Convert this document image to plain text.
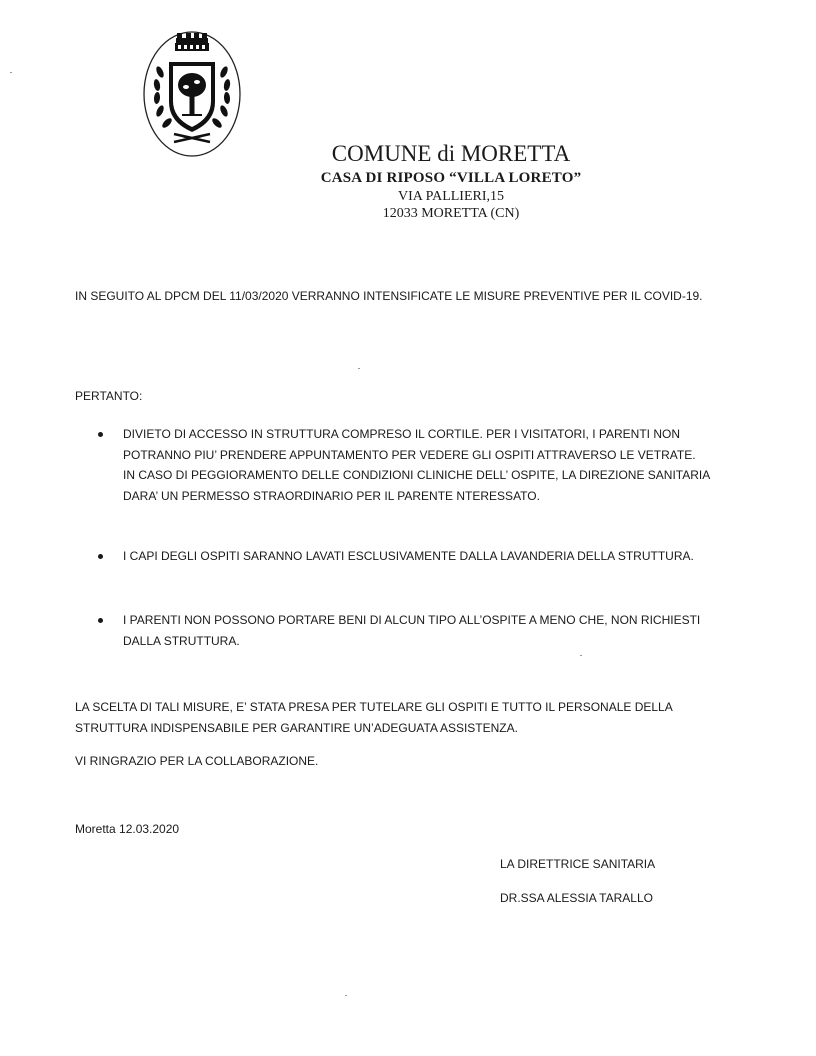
COMUNE di MORETTA
CASA DI RIPOSO “VILLA LORETO”
VIA PALLIERI,15
12033 MORETTA (CN)
IN SEGUITO AL DPCM DEL 11/03/2020 VERRANNO INTENSIFICATE LE MISURE PREVENTIVE PER IL COVID-19.
PERTANTO:
DIVIETO DI ACCESSO IN STRUTTURA COMPRESO IL CORTILE. PER I VISITATORI, I PARENTI NON
POTRANNO PIU’ PRENDERE APPUNTAMENTO PER VEDERE GLI OSPITI ATTRAVERSO LE VETRATE.
IN CASO DI PEGGIORAMENTO DELLE CONDIZIONI CLINICHE DELL’ OSPITE, LA DIREZIONE SANITARIA
DARA’ UN PERMESSO STRAORDINARIO PER IL PARENTE NTERESSATO.
I CAPI DEGLI OSPITI SARANNO LAVATI ESCLUSIVAMENTE DALLA LAVANDERIA DELLA STRUTTURA.
I PARENTI NON POSSONO PORTARE BENI DI ALCUN TIPO ALL’OSPITE A MENO CHE, NON RICHIESTI
DALLA STRUTTURA.
LA SCELTA DI TALI MISURE, E’ STATA PRESA PER TUTELARE GLI OSPITI E TUTTO IL PERSONALE DELLA
STRUTTURA INDISPENSABILE PER GARANTIRE UN’ADEGUATA ASSISTENZA.
VI RINGRAZIO PER LA COLLABORAZIONE.
Moretta 12.03.2020
LA DIRETTRICE SANITARIA
DR.SSA ALESSIA TARALLO
